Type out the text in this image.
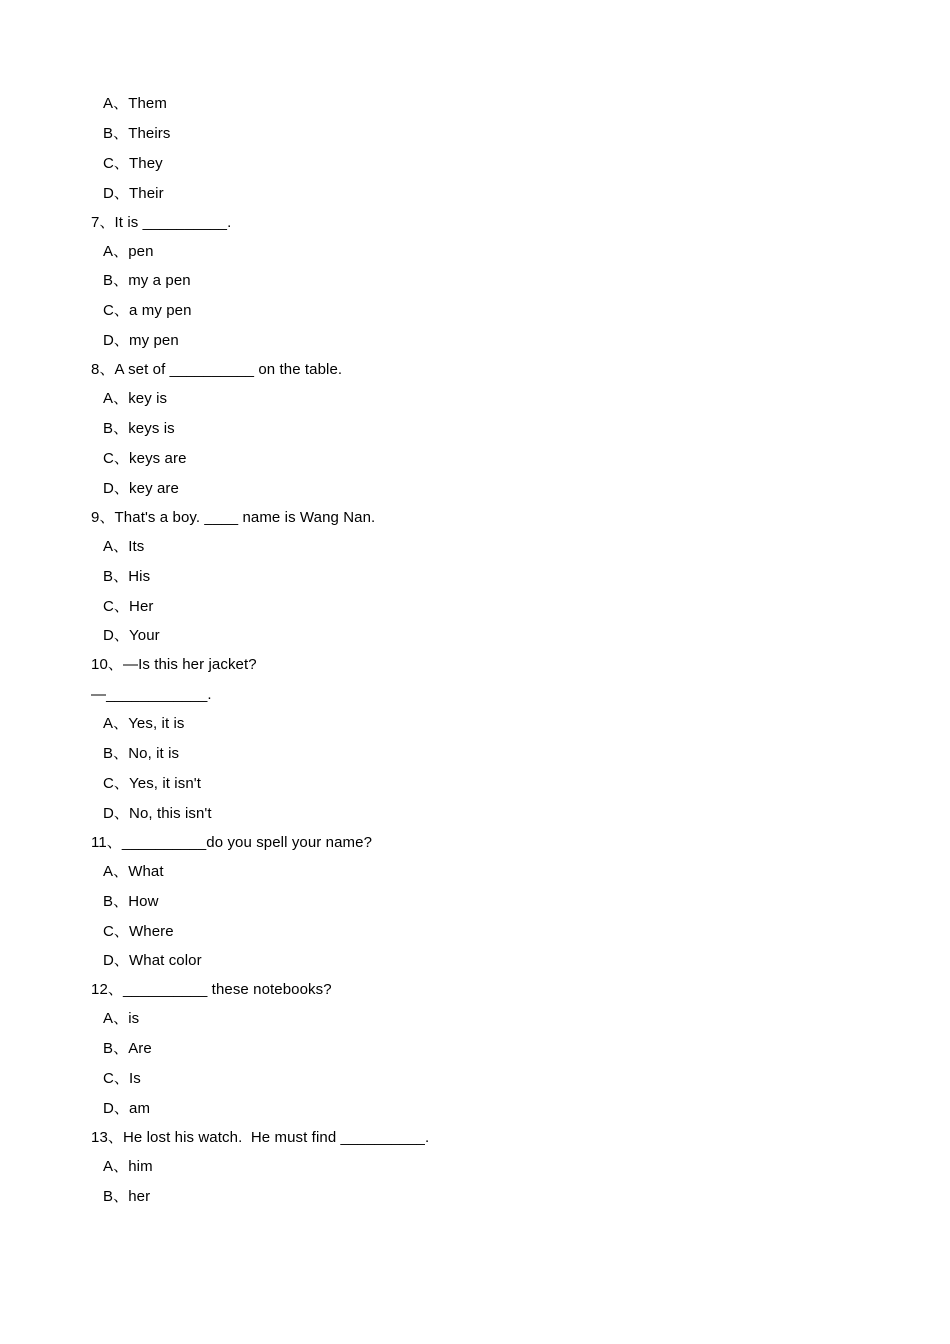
A、Them
B、Theirs
C、They
D、Their
7、It is __________.
A、pen
B、my a pen
C、a my pen
D、my pen
8、A set of __________ on the table.
A、key is
B、keys is
C、keys are
D、key are
9、That's a boy. ____ name is Wang Nan.
A、Its
B、His
C、Her
D、Your
10、—Is this her jacket?
—____________.
A、Yes, it is
B、No, it is
C、Yes, it isn't
D、No, this isn't
11、__________do you spell your name?
A、What
B、How
C、Where
D、What color
12、__________ these notebooks?
A、is
B、Are
C、Is
D、am
13、He lost his watch.  He must find __________.
A、him
B、her
